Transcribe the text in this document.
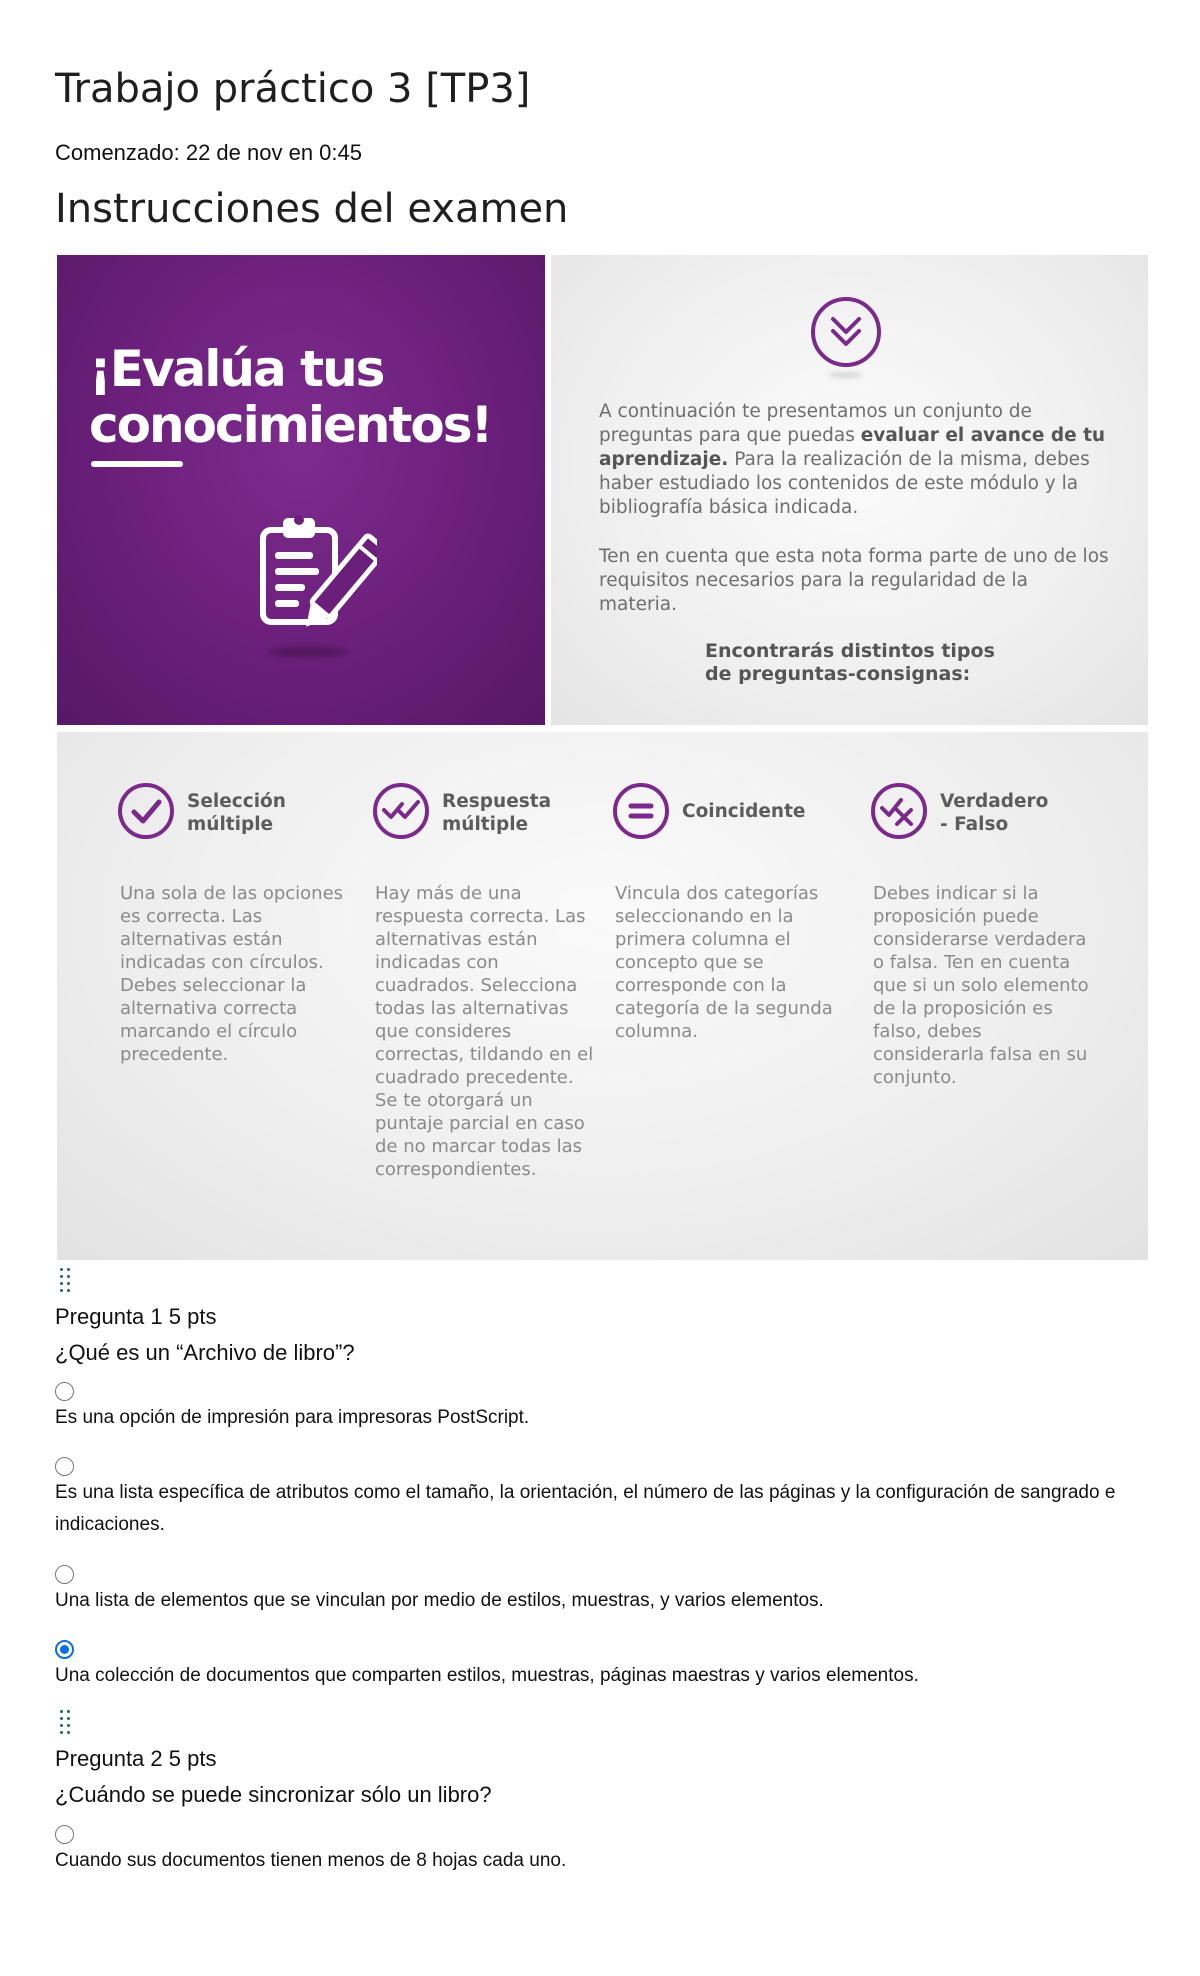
Trabajo práctico 3 [TP3]
Comenzado: 22 de nov en 0:45
Instrucciones del examen
¡Evalúa tus
conocimientos!	A continuación te presentamos un conjunto de preguntas para que puedas evaluar el avance de tu aprendizaje. Para la realización de la misma, debes haber estudiado los contenidos de este módulo y la bibliografía básica indicada.

Ten en cuenta que esta nota forma parte de uno de los requisitos necesarios para la regularidad de la materia.

Encontrarás distintos tipos
de preguntas-consignas:
Selección
múltiple

Una sola de las opciones es correcta. Las alternativas están indicadas con círculos. Debes seleccionar la alternativa correcta marcando el círculo precedente.

Respuesta
múltiple

Hay más de una respuesta correcta. Las alternativas están indicadas con cuadrados. Selecciona todas las alternativas que consideres correctas, tildando en el cuadrado precedente. Se te otorgará un puntaje parcial en caso de no marcar todas las correspondientes.

Coincidente

Vincula dos categorías seleccionando en la primera columna el concepto que se corresponde con la categoría de la segunda columna.

Verdadero
- Falso

Debes indicar si la proposición puede considerarse verdadera o falsa. Ten en cuenta que si un solo elemento de la proposición es falso, debes considerarla falsa en su conjunto.

Pregunta 1 5 pts
¿Qué es un “Archivo de libro”?
Es una opción de impresión para impresoras PostScript.
Es una lista específica de atributos como el tamaño, la orientación, el número de las páginas y la configuración de sangrado e indicaciones.
Una lista de elementos que se vinculan por medio de estilos, muestras, y varios elementos.
Una colección de documentos que comparten estilos, muestras, páginas maestras y varios elementos.
Pregunta 2 5 pts
¿Cuándo se puede sincronizar sólo un libro?
Cuando sus documentos tienen menos de 8 hojas cada uno.
